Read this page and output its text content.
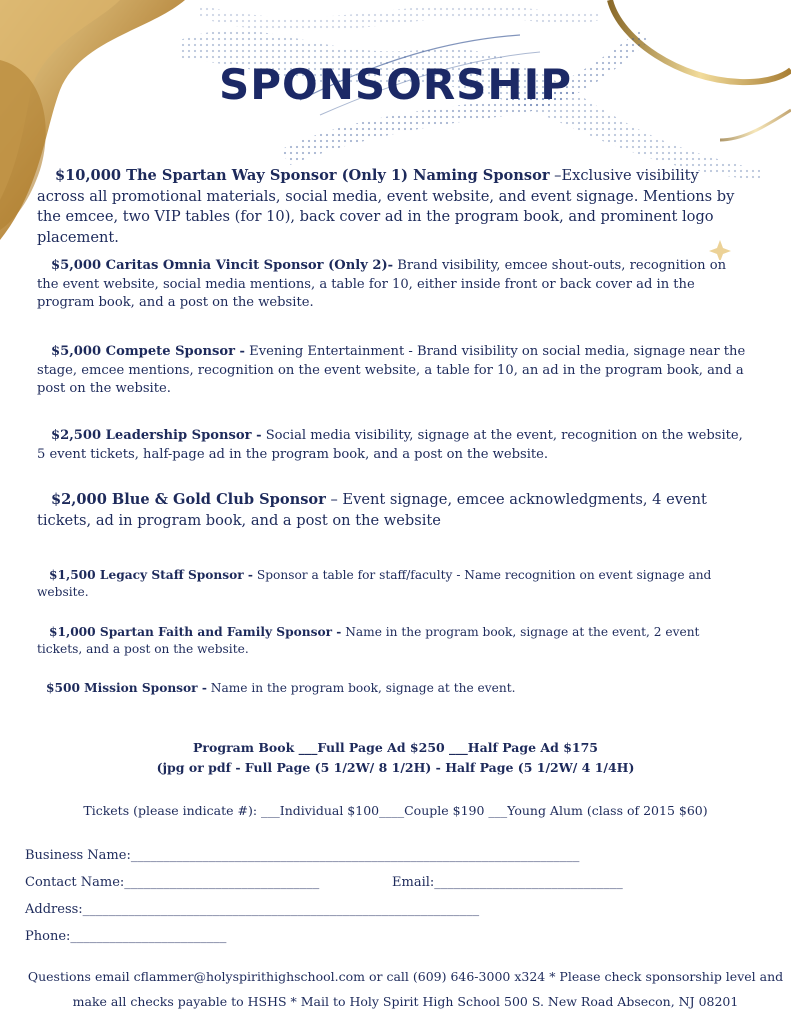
SPONSORSHIP
$10,000 The Spartan Way Sponsor (Only 1) Naming Sponsor –Exclusive visibility across all promotional materials, social media, event website, and event signage. Mentions by the emcee, two VIP tables (for 10), back cover ad in the program book, and prominent logo placement.
$5,000 Caritas Omnia Vincit Sponsor (Only 2)- Brand visibility, emcee shout-outs, recognition on the event website, social media mentions, a table for 10, either inside front or back cover ad in the program book, and a post on the website.
$5,000 Compete Sponsor - Evening Entertainment - Brand visibility on social media, signage near the stage, emcee mentions, recognition on the event website, a table for 10, an ad in the program book, and a post on the website.
$2,500 Leadership Sponsor - Social media visibility, signage at the event, recognition on the website, 5 event tickets, half-page ad in the program book, and a post on the website.
$2,000 Blue & Gold Club Sponsor – Event signage, emcee acknowledgments, 4 event tickets, ad in program book, and a post on the website
$1,500 Legacy Staff Sponsor - Sponsor a table for staff/faculty - Name recognition on event signage and website.
$1,000 Spartan Faith and Family Sponsor - Name in the program book, signage at the event, 2 event tickets, and a post on the website.
$500 Mission Sponsor - Name in the program book, signage at the event.
Program Book ___Full Page Ad $250 ___Half Page Ad $175
(jpg or pdf - Full Page (5 1/2W/ 8 1/2H) - Half Page (5 1/2W/ 4 1/4H)
Tickets (please indicate #): ___Individual $100____Couple $190 ___Young Alum (class of 2015 $60)
Business Name:_____________________________________________________________________
Contact Name:______________________________	Email:_____________________________
Address:_____________________________________________________________
Phone:________________________
Questions email cflammer@holyspirithighschool.com or call (609) 646-3000 x324 * Please check sponsorship level and
make all checks payable to HSHS * Mail to Holy Spirit High School 500 S. New Road Absecon, NJ 08201
